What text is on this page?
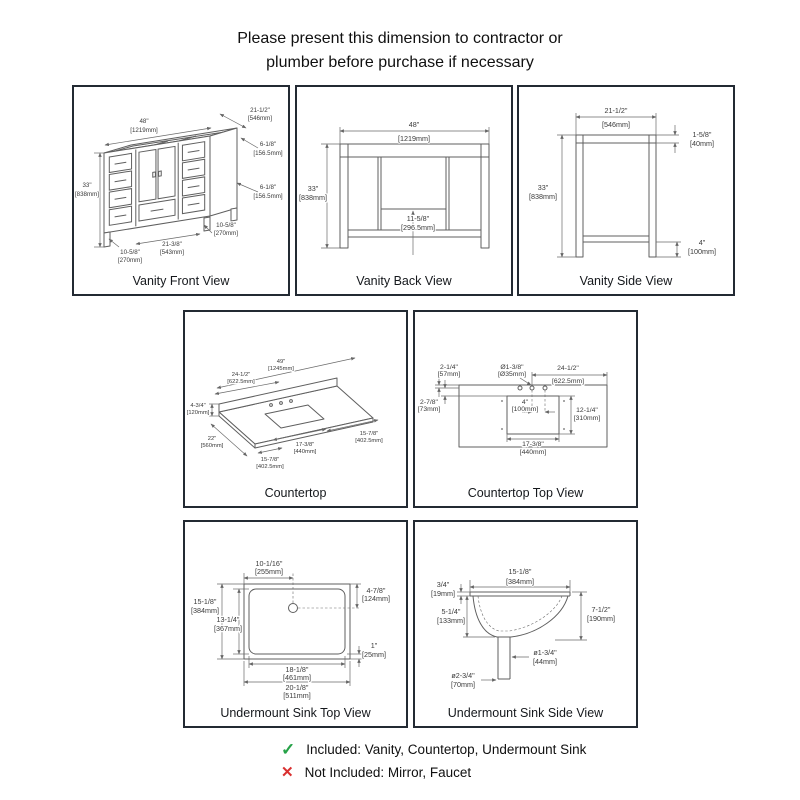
Please present this dimension to contractor or
plumber before purchase if necessary
48"
[1219mm]
21-1/2"
[546mm]
6-1/8"
[156.5mm]
6-1/8"
[156.5mm]
33"
[838mm]
10-5/8"
[270mm]
21-3/8"
[543mm]
10-5/8"
[270mm]
Vanity Front View
48"
[1219mm]
33"
[838mm]
11-5/8"
[296.5mm]
Vanity Back View
21-1/2"
[546mm]
1-5/8"
[40mm]
33"
[838mm]
4"
[100mm]
Vanity Side View
49"
[1245mm]
24-1/2"
[622.5mm]
4-3/4"
[120mm]
22"
[560mm]
15-7/8"
[402.5mm]
17-3/8"
[440mm]
15-7/8"
[402.5mm]
Countertop
2-1/4"
[57mm]
Ø1-3/8"
[Ø35mm]
24-1/2"
[622.5mm]
2-7/8"
[73mm]
4"
[100mm]	12-1/4"
[310mm]
17-3/8"
[440mm]
Countertop Top View
10-1/16"
[255mm]
4-7/8"
[124mm]
15-1/8"
[384mm]
13-1/4"
[367mm]
1"
[25mm]
18-1/8"
[461mm]
20-1/8"
[511mm]
Undermount Sink Top View
15-1/8"
[384mm]
3/4"
[19mm]
5-1/4"
[133mm]
7-1/2"
[190mm]
ø1-3/4"
[44mm]
ø2-3/4"
[70mm]
Undermount Sink Side View
✓ Included: Vanity, Countertop, Undermount Sink
✕ Not Included: Mirror, Faucet
